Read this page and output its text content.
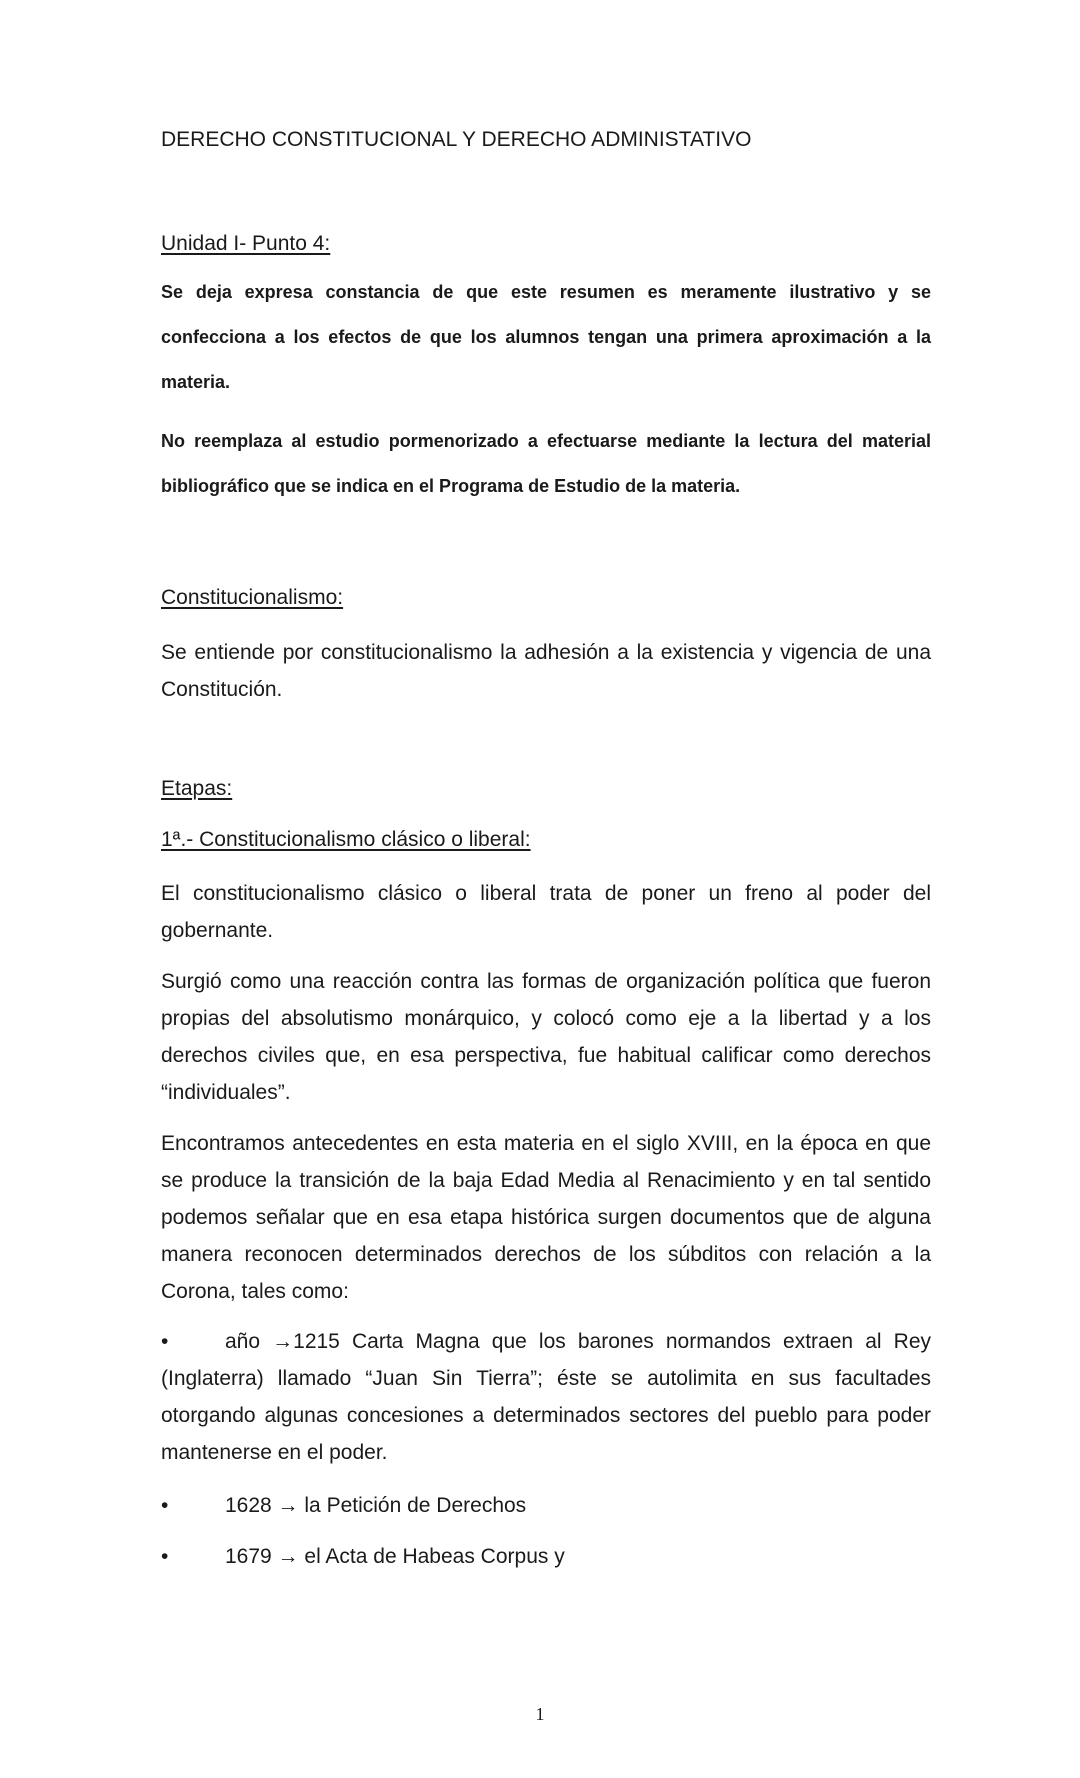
DERECHO CONSTITUCIONAL Y DERECHO ADMINISTATIVO
Unidad I- Punto 4:
Se deja expresa constancia de que este resumen es meramente ilustrativo y se confecciona a los efectos de que los alumnos tengan una primera aproximación a la materia.
No reemplaza al estudio pormenorizado a efectuarse mediante la lectura del material bibliográfico que se indica en el Programa de Estudio de la materia.
Constitucionalismo:
Se entiende por constitucionalismo la adhesión a la existencia y vigencia de una Constitución.
Etapas:
1ª.- Constitucionalismo clásico o liberal:
El constitucionalismo clásico o liberal trata de poner un freno al poder del gobernante.
Surgió como una reacción contra las formas de organización política que fueron propias del absolutismo monárquico, y colocó como eje a la libertad y a los derechos civiles que, en esa perspectiva, fue habitual calificar como derechos “individuales”.
Encontramos antecedentes en esta materia en el siglo XVIII, en la época en que se produce la transición de la baja Edad Media al Renacimiento y en tal sentido podemos señalar que en esa etapa histórica surgen documentos que de alguna manera reconocen determinados derechos de los súbditos con relación a la Corona, tales como:
•	año →1215 Carta Magna que los barones normandos extraen al Rey (Inglaterra) llamado “Juan Sin Tierra”; éste se autolimita en sus facultades otorgando algunas concesiones a determinados sectores del pueblo para poder mantenerse en el poder.
•	1628 → la Petición de Derechos
•	1679 → el Acta de Habeas Corpus y
1
